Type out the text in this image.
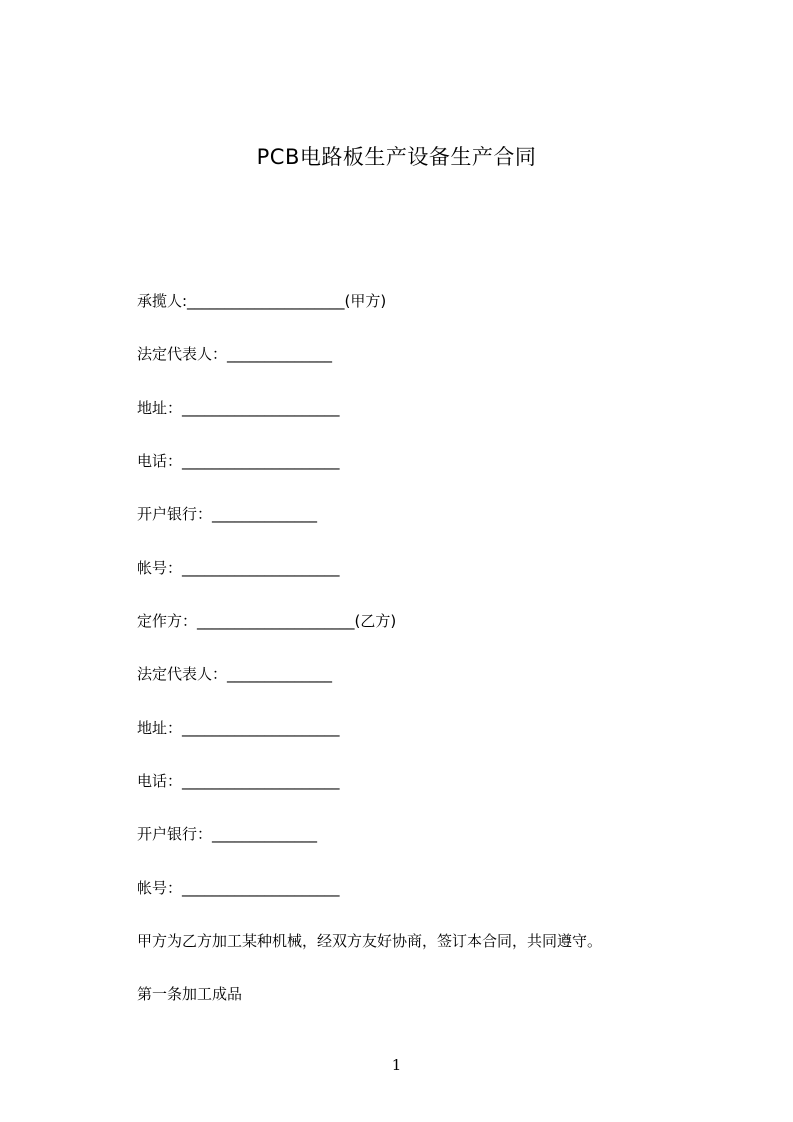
PCB电路板生产设备生产合同
承揽人:_____________________(甲方)
法定代表人：______________
地址：_____________________
电话：_____________________
开户银行：______________
帐号：_____________________
定作方：_____________________(乙方)
法定代表人：______________
地址：_____________________
电话：_____________________
开户银行：______________
帐号：_____________________
甲方为乙方加工某种机械，经双方友好协商，签订本合同，共同遵守。
第一条加工成品
1
